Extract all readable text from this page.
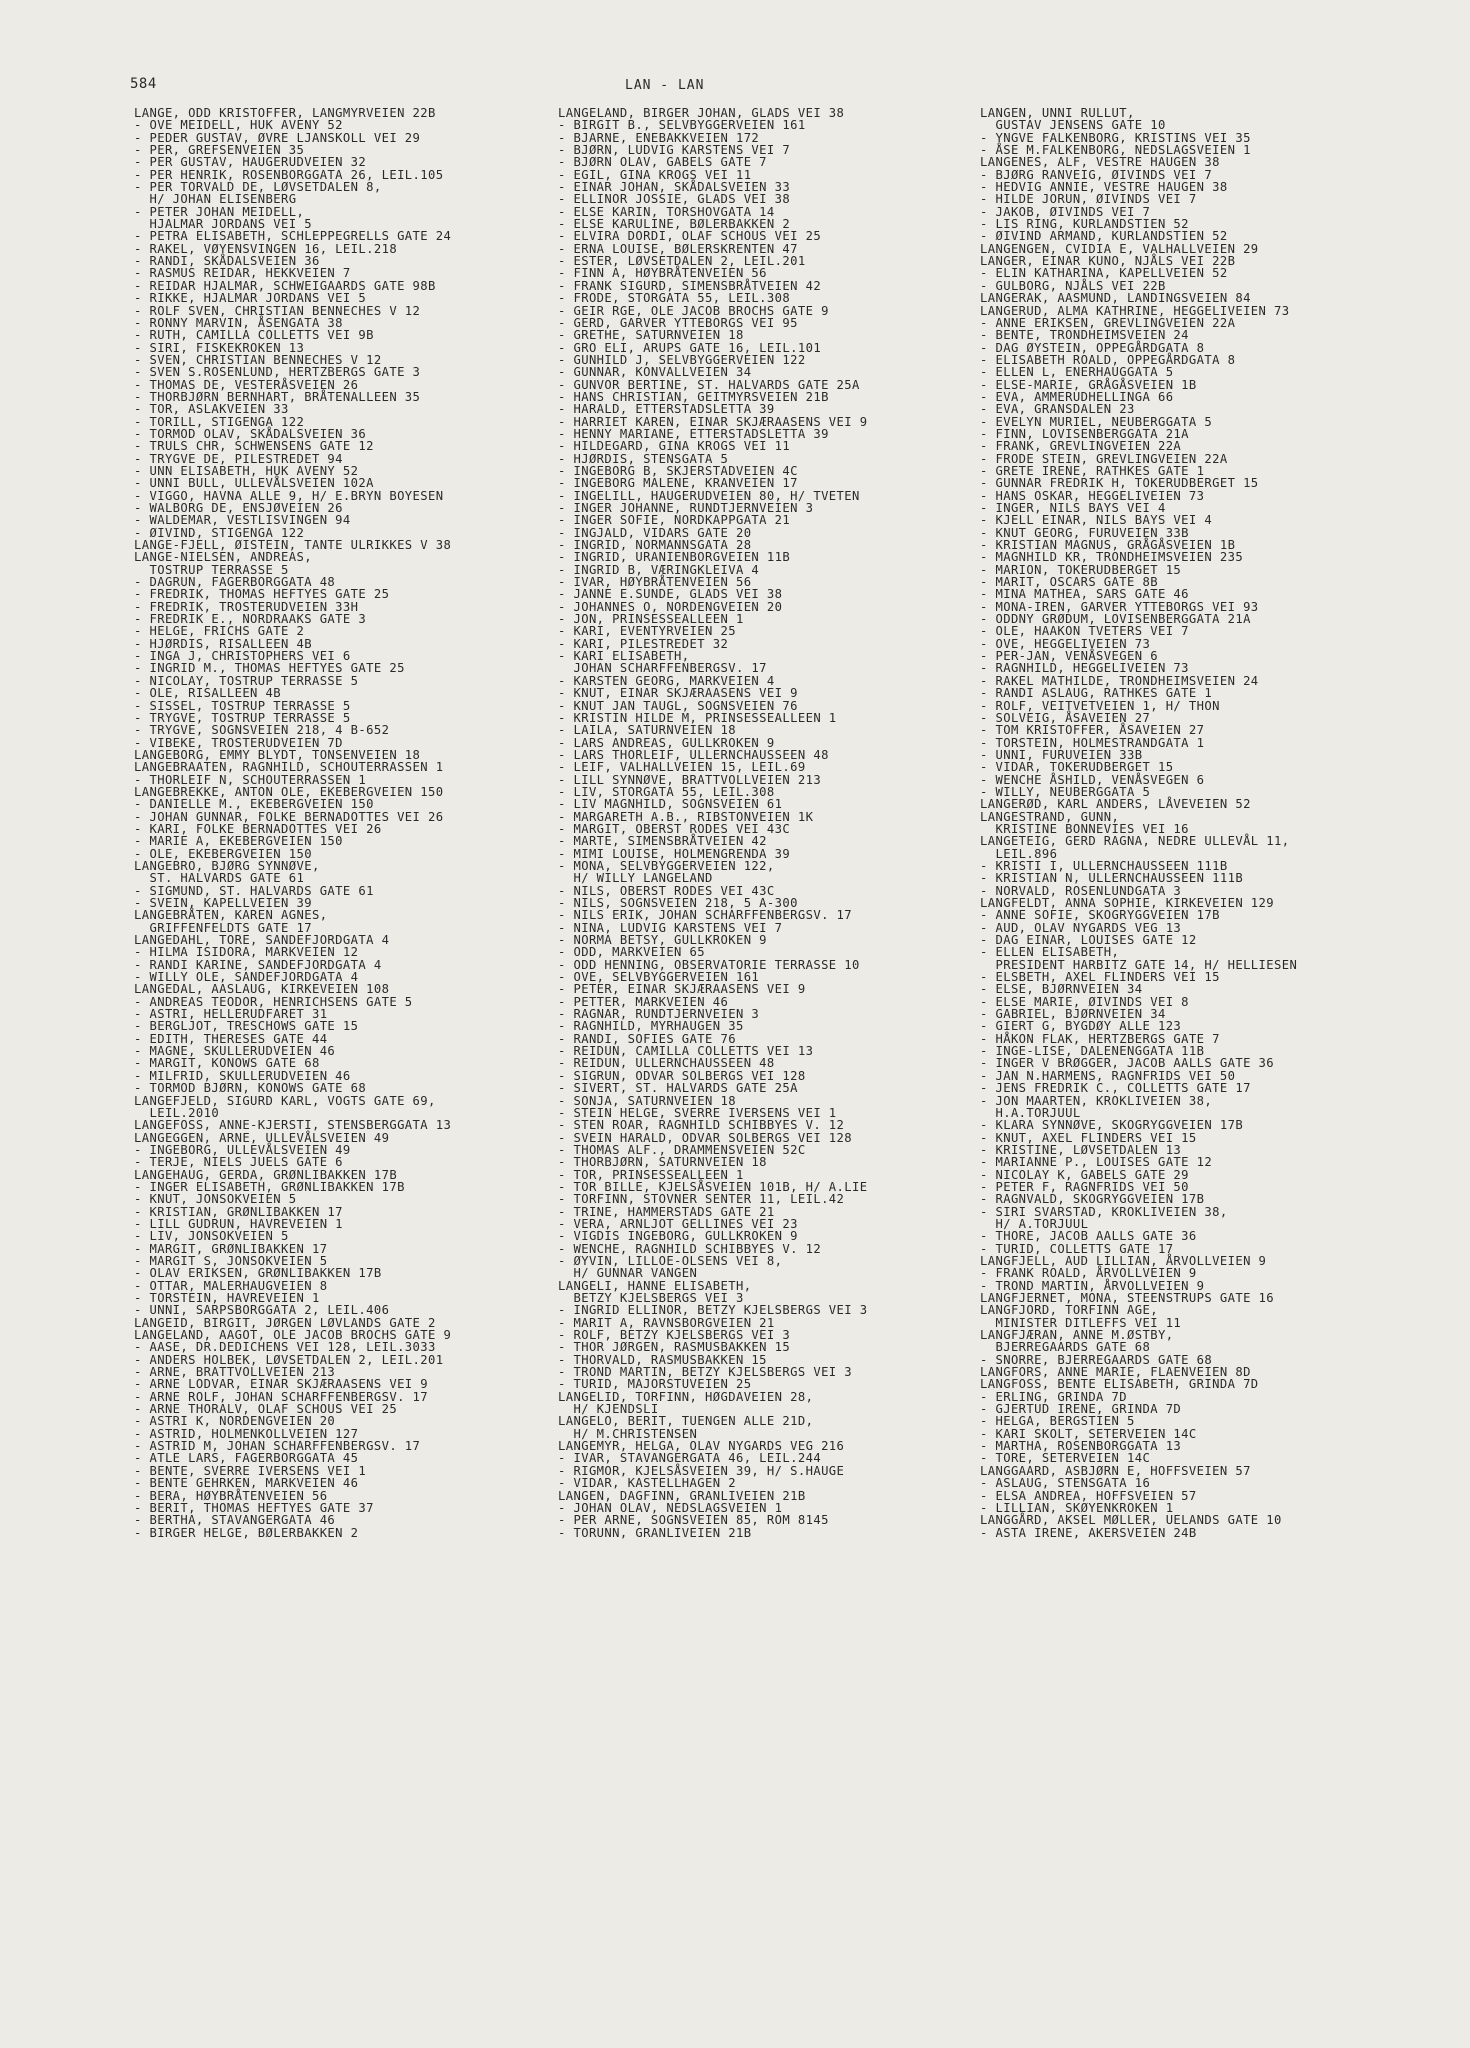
584	LAN - LAN
LANGE, ODD KRISTOFFER, LANGMYRVEIEN 22B
- OVE MEIDELL, HUK AVENY 52
- PEDER GUSTAV, ØVRE LJANSKOLL VEI 29
- PER, GREFSENVEIEN 35
- PER GUSTAV, HAUGERUDVEIEN 32
- PER HENRIK, ROSENBORGGATA 26, LEIL.105
- PER TORVALD DE, LØVSETDALEN 8,
H/ JOHAN ELISENBERG
- PETER JOHAN MEIDELL,
HJALMAR JORDANS VEI 5
- PETRA ELISABETH, SCHLEPPEGRELLS GATE 24
- RAKEL, VØYENSVINGEN 16, LEIL.218
- RANDI, SKÅDALSVEIEN 36
- RASMUS REIDAR, HEKKVEIEN 7
- REIDAR HJALMAR, SCHWEIGAARDS GATE 98B
- RIKKE, HJALMAR JORDANS VEI 5
- ROLF SVEN, CHRISTIAN BENNECHES V 12
- RONNY MARVIN, ÅSENGATA 38
- RUTH, CAMILLA COLLETTS VEI 9B
- SIRI, FISKEKROKEN 13
- SVEN, CHRISTIAN BENNECHES V 12
- SVEN S.ROSENLUND, HERTZBERGS GATE 3
- THOMAS DE, VESTERÅSVEIEN 26
- THORBJØRN BERNHART, BRÅTENALLEEN 35
- TOR, ASLAKVEIEN 33
- TORILL, STIGENGA 122
- TORMOD OLAV, SKÅDALSVEIEN 36
- TRULS CHR, SCHWENSENS GATE 12
- TRYGVE DE, PILESTREDET 94
- UNN ELISABETH, HUK AVENY 52
- UNNI BULL, ULLEVÅLSVEIEN 102A
- VIGGO, HAVNA ALLE 9, H/ E.BRYN BOYESEN
- WALBORG DE, ENSJØVEIEN 26
- WALDEMAR, VESTLISVINGEN 94
- ØIVIND, STIGENGA 122
LANGE-FJELL, ØISTEIN, TANTE ULRIKKES V 38
LANGE-NIELSEN, ANDREAS,
TOSTRUP TERRASSE 5
- DAGRUN, FAGERBORGGATA 48
- FREDRIK, THOMAS HEFTYES GATE 25
- FREDRIK, TROSTERUDVEIEN 33H
- FREDRIK E., NORDRAAKS GATE 3
- HELGE, FRICHS GATE 2
- HJØRDIS, RISALLEEN 4B
- INGA J, CHRISTOPHERS VEI 6
- INGRID M., THOMAS HEFTYES GATE 25
- NICOLAY, TOSTRUP TERRASSE 5
- OLE, RISALLEEN 4B
- SISSEL, TOSTRUP TERRASSE 5
- TRYGVE, TOSTRUP TERRASSE 5
- TRYGVE, SOGNSVEIEN 218, 4 B-652
- VIBEKE, TROSTERUDVEIEN 7D
LANGEBORG, EMMY BLYDT, TONSENVEIEN 18
LANGEBRAATEN, RAGNHILD, SCHOUTERRASSEN 1
- THORLEIF N, SCHOUTERRASSEN 1
LANGEBREKKE, ANTON OLE, EKEBERGVEIEN 150
- DANIELLE M., EKEBERGVEIEN 150
- JOHAN GUNNAR, FOLKE BERNADOTTES VEI 26
- KARI, FOLKE BERNADOTTES VEI 26
- MARIE A, EKEBERGVEIEN 150
- OLE, EKEBERGVEIEN 150
LANGEBRO, BJØRG SYNNØVE,
ST. HALVARDS GATE 61
- SIGMUND, ST. HALVARDS GATE 61
- SVEIN, KAPELLVEIEN 39
LANGEBRÅTEN, KAREN AGNES,
GRIFFENFELDTS GATE 17
LANGEDAHL, TORE, SANDEFJORDGATA 4
- HILMA ISIDORA, MARKVEIEN 12
- RANDI KARINE, SANDEFJORDGATA 4
- WILLY OLE, SANDEFJORDGATA 4
LANGEDAL, AASLAUG, KIRKEVEIEN 108
- ANDREAS TEODOR, HENRICHSENS GATE 5
- ASTRI, HELLERUDFARET 31
- BERGLJOT, TRESCHOWS GATE 15
- EDITH, THERESES GATE 44
- MAGNE, SKULLERUDVEIEN 46
- MARGIT, KONOWS GATE 68
- MILFRID, SKULLERUDVEIEN 46
- TORMOD BJØRN, KONOWS GATE 68
LANGEFJELD, SIGURD KARL, VOGTS GATE 69,
LEIL.2010
LANGEFOSS, ANNE-KJERSTI, STENSBERGGATA 13
LANGEGGEN, ARNE, ULLEVÅLSVEIEN 49
- INGEBORG, ULLEVÅLSVEIEN 49
- TERJE, NIELS JUELS GATE 6
LANGEHAUG, GERDA, GRØNLIBAKKEN 17B
- INGER ELISABETH, GRØNLIBAKKEN 17B
- KNUT, JONSOKVEIEN 5
- KRISTIAN, GRØNLIBAKKEN 17
- LILL GUDRUN, HAVREVEIEN 1
- LIV, JONSOKVEIEN 5
- MARGIT, GRØNLIBAKKEN 17
- MARGIT S, JONSOKVEIEN 5
- OLAV ERIKSEN, GRØNLIBAKKEN 17B
- OTTAR, MALERHAUGVEIEN 8
- TORSTEIN, HAVREVEIEN 1
- UNNI, SARPSBORGGATA 2, LEIL.406
LANGEID, BIRGIT, JØRGEN LØVLANDS GATE 2
LANGELAND, AAGOT, OLE JACOB BROCHS GATE 9
- AASE, DR.DEDICHENS VEI 128, LEIL.3033
- ANDERS HOLBEK, LØVSETDALEN 2, LEIL.201
- ARNE, BRATTVOLLVEIEN 213
- ARNE LODVAR, EINAR SKJÆRAASENS VEI 9
- ARNE ROLF, JOHAN SCHARFFENBERGSV. 17
- ARNE THORALV, OLAF SCHOUS VEI 25
- ASTRI K, NORDENGVEIEN 20
- ASTRID, HOLMENKOLLVEIEN 127
- ASTRID M, JOHAN SCHARFFENBERGSV. 17
- ATLE LARS, FAGERBORGGATA 45
- BENTE, SVERRE IVERSENS VEI 1
- BENTE GEHRKEN, MARKVEIEN 46
- BERA, HØYBRÅTENVEIEN 56
- BERIT, THOMAS HEFTYES GATE 37
- BERTHA, STAVANGERGATA 46
- BIRGER HELGE, BØLERBAKKEN 2
LANGELAND, BIRGER JOHAN, GLADS VEI 38
- BIRGIT B., SELVBYGGERVEIEN 161
- BJARNE, ENEBAKKVEIEN 172
- BJØRN, LUDVIG KARSTENS VEI 7
- BJØRN OLAV, GABELS GATE 7
- EGIL, GINA KROGS VEI 11
- EINAR JOHAN, SKÅDALSVEIEN 33
- ELLINOR JOSSIE, GLADS VEI 38
- ELSE KARIN, TORSHOVGATA 14
- ELSE KARULINE, BØLERBAKKEN 2
- ELVIRA DORDI, OLAF SCHOUS VEI 25
- ERNA LOUISE, BØLERSKRENTEN 47
- ESTER, LØVSETDALEN 2, LEIL.201
- FINN A, HØYBRÅTENVEIEN 56
- FRANK SIGURD, SIMENSBRÅTVEIEN 42
- FRODE, STORGATA 55, LEIL.308
- GEIR RGE, OLE JACOB BROCHS GATE 9
- GERD, GARVER YTTEBORGS VEI 95
- GRETHE, SATURNVEIEN 18
- GRO ELI, ARUPS GATE 16, LEIL.101
- GUNHILD J, SELVBYGGERVEIEN 122
- GUNNAR, KONVALLVEIEN 34
- GUNVOR BERTINE, ST. HALVARDS GATE 25A
- HANS CHRISTIAN, GEITMYRSVEIEN 21B
- HARALD, ETTERSTADSLETTA 39
- HARRIET KAREN, EINAR SKJÆRAASENS VEI 9
- HENNY MARIANE, ETTERSTADSLETTA 39
- HILDEGARD, GINA KROGS VEI 11
- HJØRDIS, STENSGATA 5
- INGEBORG B, SKJERSTADVEIEN 4C
- INGEBORG MALENE, KRANVEIEN 17
- INGELILL, HAUGERUDVEIEN 80, H/ TVETEN
- INGER JOHANNE, RUNDTJERNVEIEN 3
- INGER SOFIE, NORDKAPPGATA 21
- INGJALD, VIDARS GATE 20
- INGRID, NORMANNSGATA 28
- INGRID, URANIENBORGVEIEN 11B
- INGRID B, VÆRINGKLEIVA 4
- IVAR, HØYBRÅTENVEIEN 56
- JANNE E.SUNDE, GLADS VEI 38
- JOHANNES O, NORDENGVEIEN 20
- JON, PRINSESSEALLEEN 1
- KARI, EVENTYRVEIEN 25
- KARI, PILESTREDET 32
- KARI ELISABETH,
JOHAN SCHARFFENBERGSV. 17
- KARSTEN GEORG, MARKVEIEN 4
- KNUT, EINAR SKJÆRAASENS VEI 9
- KNUT JAN TAUGL, SOGNSVEIEN 76
- KRISTIN HILDE M, PRINSESSEALLEEN 1
- LAILA, SATURNVEIEN 18
- LARS ANDREAS, GULLKROKEN 9
- LARS THORLEIF, ULLERNCHAUSSEEN 48
- LEIF, VALHALLVEIEN 15, LEIL.69
- LILL SYNNØVE, BRATTVOLLVEIEN 213
- LIV, STORGATA 55, LEIL.308
- LIV MAGNHILD, SOGNSVEIEN 61
- MARGARETH A.B., RIBSTONVEIEN 1K
- MARGIT, OBERST RODES VEI 43C
- MARTE, SIMENSBRÅTVEIEN 42
- MIMI LOUISE, HOLMENGRENDA 39
- MONA, SELVBYGGERVEIEN 122,
H/ WILLY LANGELAND
- NILS, OBERST RODES VEI 43C
- NILS, SOGNSVEIEN 218, 5 A-300
- NILS ERIK, JOHAN SCHARFFENBERGSV. 17
- NINA, LUDVIG KARSTENS VEI 7
- NORMA BETSY, GULLKROKEN 9
- ODD, MARKVEIEN 65
- ODD HENNING, OBSERVATORIE TERRASSE 10
- OVE, SELVBYGGERVEIEN 161
- PETER, EINAR SKJÆRAASENS VEI 9
- PETTER, MARKVEIEN 46
- RAGNAR, RUNDTJERNVEIEN 3
- RAGNHILD, MYRHAUGEN 35
- RANDI, SOFIES GATE 76
- REIDUN, CAMILLA COLLETTS VEI 13
- REIDUN, ULLERNCHAUSSEEN 48
- SIGRUN, ODVAR SOLBERGS VEI 128
- SIVERT, ST. HALVARDS GATE 25A
- SONJA, SATURNVEIEN 18
- STEIN HELGE, SVERRE IVERSENS VEI 1
- STEN ROAR, RAGNHILD SCHIBBYES V. 12
- SVEIN HARALD, ODVAR SOLBERGS VEI 128
- THOMAS ALF., DRAMMENSVEIEN 52C
- THORBJØRN, SATURNVEIEN 18
- TOR, PRINSESSEALLEEN 1
- TOR BILLE, KJELSÅSVEIEN 101B, H/ A.LIE
- TORFINN, STOVNER SENTER 11, LEIL.42
- TRINE, HAMMERSTADS GATE 21
- VERA, ARNLJOT GELLINES VEI 23
- VIGDIS INGEBORG, GULLKROKEN 9
- WENCHE, RAGNHILD SCHIBBYES V. 12
- ØYVIN, LILLOE-OLSENS VEI 8,
H/ GUNNAR VANGEN
LANGELI, HANNE ELISABETH,
BETZY KJELSBERGS VEI 3
- INGRID ELLINOR, BETZY KJELSBERGS VEI 3
- MARIT A, RAVNSBORGVEIEN 21
- ROLF, BETZY KJELSBERGS VEI 3
- THOR JØRGEN, RASMUSBAKKEN 15
- THORVALD, RASMUSBAKKEN 15
- TROND MARTIN, BETZY KJELSBERGS VEI 3
- TURID, MAJORSTUVEIEN 25
LANGELID, TORFINN, HØGDAVEIEN 28,
H/ KJENDSLI
LANGELO, BERIT, TUENGEN ALLE 21D,
H/ M.CHRISTENSEN
LANGEMYR, HELGA, OLAV NYGARDS VEG 216
- IVAR, STAVANGERGATA 46, LEIL.244
- RIGMOR, KJELSÅSVEIEN 39, H/ S.HAUGE
- VIDAR, KASTELLHAGEN 2
LANGEN, DAGFINN, GRANLIVEIEN 21B
- JOHAN OLAV, NEDSLAGSVEIEN 1
- PER ARNE, SOGNSVEIEN 85, ROM 8145
- TORUNN, GRANLIVEIEN 21B
LANGEN, UNNI RULLUT,
GUSTAV JENSENS GATE 10
- YNGVE FALKENBORG, KRISTINS VEI 35
- ÅSE M.FALKENBORG, NEDSLAGSVEIEN 1
LANGENES, ALF, VESTRE HAUGEN 38
- BJØRG RANVEIG, ØIVINDS VEI 7
- HEDVIG ANNIE, VESTRE HAUGEN 38
- HILDE JORUN, ØIVINDS VEI 7
- JAKOB, ØIVINDS VEI 7
- LIS RING, KURLANDSTIEN 52
- ØIVIND ARMAND, KURLANDSTIEN 52
LANGENGEN, CVIDIA E, VALHALLVEIEN 29
LANGER, EINAR KUNO, NJÅLS VEI 22B
- ELIN KATHARINA, KAPELLVEIEN 52
- GULBORG, NJÅLS VEI 22B
LANGERAK, AASMUND, LANDINGSVEIEN 84
LANGERUD, ALMA KATHRINE, HEGGELIVEIEN 73
- ANNE ERIKSEN, GREVLINGVEIEN 22A
- BENTE, TRONDHEIMSVEIEN 24
- DAG ØYSTEIN, OPPEGÅRDGATA 8
- ELISABETH ROALD, OPPEGÅRDGATA 8
- ELLEN L, ENERHAUGGATA 5
- ELSE-MARIE, GRÅGÅSVEIEN 1B
- EVA, AMMERUDHELLINGA 66
- EVA, GRANSDALEN 23
- EVELYN MURIEL, NEUBERGGATA 5
- FINN, LOVISENBERGGATA 21A
- FRANK, GREVLINGVEIEN 22A
- FRODE STEIN, GREVLINGVEIEN 22A
- GRETE IRENE, RATHKES GATE 1
- GUNNAR FREDRIK H, TOKERUDBERGET 15
- HANS OSKAR, HEGGELIVEIEN 73
- INGER, NILS BAYS VEI 4
- KJELL EINAR, NILS BAYS VEI 4
- KNUT GEORG, FURUVEIEN 33B
- KRISTIAN MAGNUS, GRÅGÅSVEIEN 1B
- MAGNHILD KR, TRONDHEIMSVEIEN 235
- MARION, TOKERUDBERGET 15
- MARIT, OSCARS GATE 8B
- MINA MATHEA, SARS GATE 46
- MONA-IREN, GARVER YTTEBORGS VEI 93
- ODDNY GRØDUM, LOVISENBERGGATA 21A
- OLE, HAAKON TVETERS VEI 7
- OVE, HEGGELIVEIEN 73
- PER-JAN, VENÅSVEGEN 6
- RAGNHILD, HEGGELIVEIEN 73
- RAKEL MATHILDE, TRONDHEIMSVEIEN 24
- RANDI ASLAUG, RATHKES GATE 1
- ROLF, VEITVETVEIEN 1, H/ THON
- SOLVEIG, ÅSAVEIEN 27
- TOM KRISTOFFER, ÅSAVEIEN 27
- TORSTEIN, HOLMESTRANDGATA 1
- UNNI, FURUVEIEN 33B
- VIDAR, TOKERUDBERGET 15
- WENCHE ÅSHILD, VENÅSVEGEN 6
- WILLY, NEUBERGGATA 5
LANGERØD, KARL ANDERS, LÅVEVEIEN 52
LANGESTRAND, GUNN,
KRISTINE BONNEVIES VEI 16
LANGETEIG, GERD RAGNA, NEDRE ULLEVÅL 11,
LEIL.896
- KRISTI I, ULLERNCHAUSSEEN 111B
- KRISTIAN N, ULLERNCHAUSSEEN 111B
- NORVALD, ROSENLUNDGATA 3
LANGFELDT, ANNA SOPHIE, KIRKEVEIEN 129
- ANNE SOFIE, SKOGRYGGVEIEN 17B
- AUD, OLAV NYGARDS VEG 13
- DAG EINAR, LOUISES GATE 12
- ELLEN ELISABETH,
PRESIDENT HARBITZ GATE 14, H/ HELLIESEN
- ELSBETH, AXEL FLINDERS VEI 15
- ELSE, BJØRNVEIEN 34
- ELSE MARIE, ØIVINDS VEI 8
- GABRIEL, BJØRNVEIEN 34
- GIERT G, BYGDØY ALLE 123
- HÅKON FLAK, HERTZBERGS GATE 7
- INGE-LISE, DALENENGGATA 11B
- INGER V BRØGGER, JACOB AALLS GATE 36
- JAN N.HARMENS, RAGNFRIDS VEI 50
- JENS FREDRIK C., COLLETTS GATE 17
- JON MAARTEN, KROKLIVEIEN 38,
H.A.TORJUUL
- KLARA SYNNØVE, SKOGRYGGVEIEN 17B
- KNUT, AXEL FLINDERS VEI 15
- KRISTINE, LØVSETDALEN 13
- MARIANNE P., LOUISES GATE 12
- NICOLAY K, GABELS GATE 29
- PETER F, RAGNFRIDS VEI 50
- RAGNVALD, SKOGRYGGVEIEN 17B
- SIRI SVARSTAD, KROKLIVEIEN 38,
H/ A.TORJUUL
- THORE, JACOB AALLS GATE 36
- TURID, COLLETTS GATE 17
LANGFJELL, AUD LILLIAN, ÅRVOLLVEIEN 9
- FRANK ROALD, ÅRVOLLVEIEN 9
- TROND MARTIN, ÅRVOLLVEIEN 9
LANGFJERNET, MONA, STEENSTRUPS GATE 16
LANGFJORD, TORFINN AGE,
MINISTER DITLEFFS VEI 11
LANGFJÆRAN, ANNE M.ØSTBY,
BJERREGAARDS GATE 68
- SNORRE, BJERREGAARDS GATE 68
LANGFORS, ANNE MARIE, FLAENVEIEN 8D
LANGFOSS, BENTE ELISABETH, GRINDA 7D
- ERLING, GRINDA 7D
- GJERTUD IRENE, GRINDA 7D
- HELGA, BERGSTIEN 5
- KARI SKOLT, SETERVEIEN 14C
- MARTHA, ROSENBORGGATA 13
- TORE, SETERVEIEN 14C
LANGGAARD, ASBJØRN E, HOFFSVEIEN 57
- ASLAUG, STENSGATA 16
- ELSA ANDREA, HOFFSVEIEN 57
- LILLIAN, SKØYENKROKEN 1
LANGGÅRD, AKSEL MØLLER, UELANDS GATE 10
- ASTA IRENE, AKERSVEIEN 24B
